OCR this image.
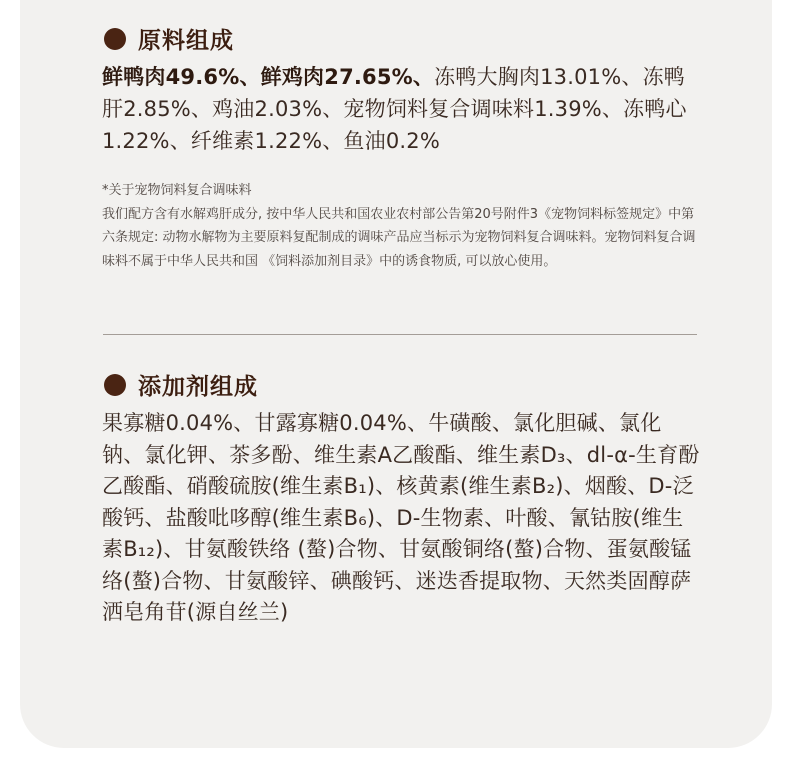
原料组成
鲜鸭肉49.6%、鲜鸡肉27.65%、冻鸭大胸肉13.01%、冻鸭肝2.85%、鸡油2.03%、宠物饲料复合调味料1.39%、冻鸭心1.22%、纤维素1.22%、鱼油0.2%
*关于宠物饲料复合调味料
我们配方含有水解鸡肝成分, 按中华人民共和国农业农村部公告第20号附件3《宠物饲料标签规定》中第六条规定: 动物水解物为主要原料复配制成的调味产品应当标示为宠物饲料复合调味料。宠物饲料复合调味料不属于中华人民共和国 《饲料添加剂目录》中的诱食物质, 可以放心使用。
添加剂组成
果寡糖0.04%、甘露寡糖0.04%、牛磺酸、氯化胆碱、氯化钠、氯化钾、茶多酚、维生素A乙酸酯、维生素D₃、dl-α-生育酚乙酸酯、硝酸硫胺(维生素B₁)、核黄素(维生素B₂)、烟酸、D-泛酸钙、盐酸吡哆醇(维生素B₆)、D-生物素、叶酸、氰钴胺(维生素B₁₂)、甘氨酸铁络 (螯)合物、甘氨酸铜络(螯)合物、蛋氨酸锰络(螯)合物、甘氨酸锌、碘酸钙、迷迭香提取物、天然类固醇萨洒皂角苷(源自丝兰)
